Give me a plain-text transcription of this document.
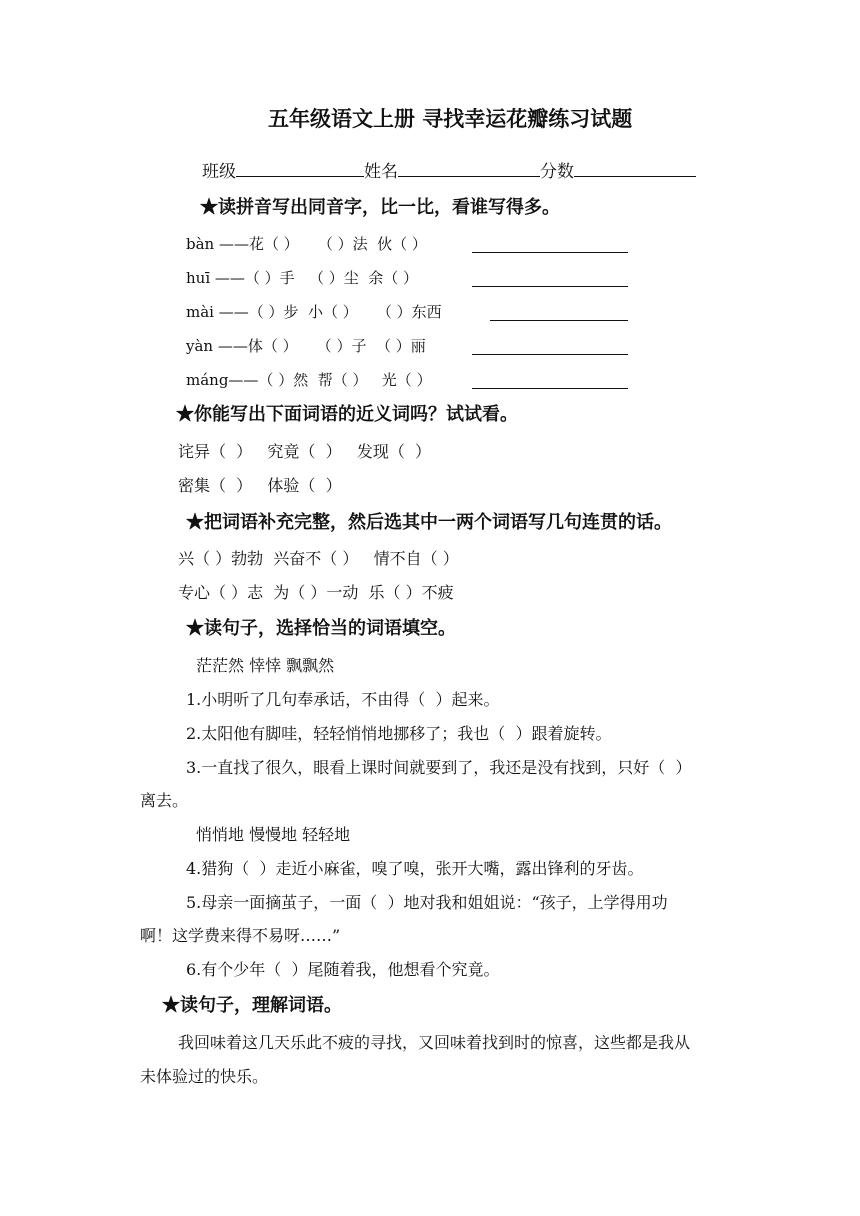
五年级语文上册 寻找幸运花瓣练习试题
班级	姓名	分数
★读拼音写出同音字，比一比，看谁写得多。
bàn ——花（ ）    （ ）法  伙（ ）
huī ——（ ）手   （ ）尘  余（ ）
mài ——（ ）步  小（ ）    （ ）东西
yàn ——体（ ）    （ ）子  （ ）丽
máng——（ ）然  帮（ ）   光（ ）
★你能写出下面词语的近义词吗？试试看。
诧异（  ）   究竟（  ）   发现（  ）
密集（  ）   体验（  ）
★把词语补充完整，然后选其中一两个词语写几句连贯的话。
兴（ ）勃勃  兴奋不（ ）   情不自（ ）
专心（ ）志  为（ ）一动  乐（ ）不疲
★读句子，选择恰当的词语填空。
茫茫然 悻悻 飘飘然
1.小明听了几句奉承话，不由得（  ）起来。
2.太阳他有脚哇，轻轻悄悄地挪移了；我也（  ）跟着旋转。
3.一直找了很久，眼看上课时间就要到了，我还是没有找到，只好（  ）
离去。
悄悄地 慢慢地 轻轻地
4.猎狗（  ）走近小麻雀，嗅了嗅，张开大嘴，露出锋利的牙齿。
5.母亲一面摘茧子，一面（  ）地对我和姐姐说：“孩子，上学得用功
啊！这学费来得不易呀……”
6.有个少年（  ）尾随着我，他想看个究竟。
★读句子，理解词语。
我回味着这几天乐此不疲的寻找，又回味着找到时的惊喜，这些都是我从
未体验过的快乐。
